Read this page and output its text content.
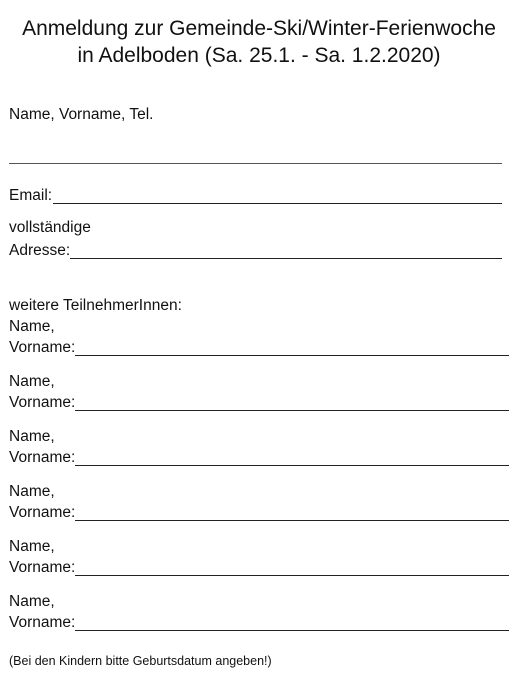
Anmeldung zur Gemeinde-Ski/Winter-Ferienwoche
in Adelboden (Sa. 25.1. - Sa. 1.2.2020)
Name, Vorname, Tel.
Email:
vollständige
Adresse:
weitere TeilnehmerInnen:
Name,
Vorname:
Name,
Vorname:
Name,
Vorname:
Name,
Vorname:
Name,
Vorname:
Name,
Vorname:
(Bei den Kindern bitte Geburtsdatum angeben!)
